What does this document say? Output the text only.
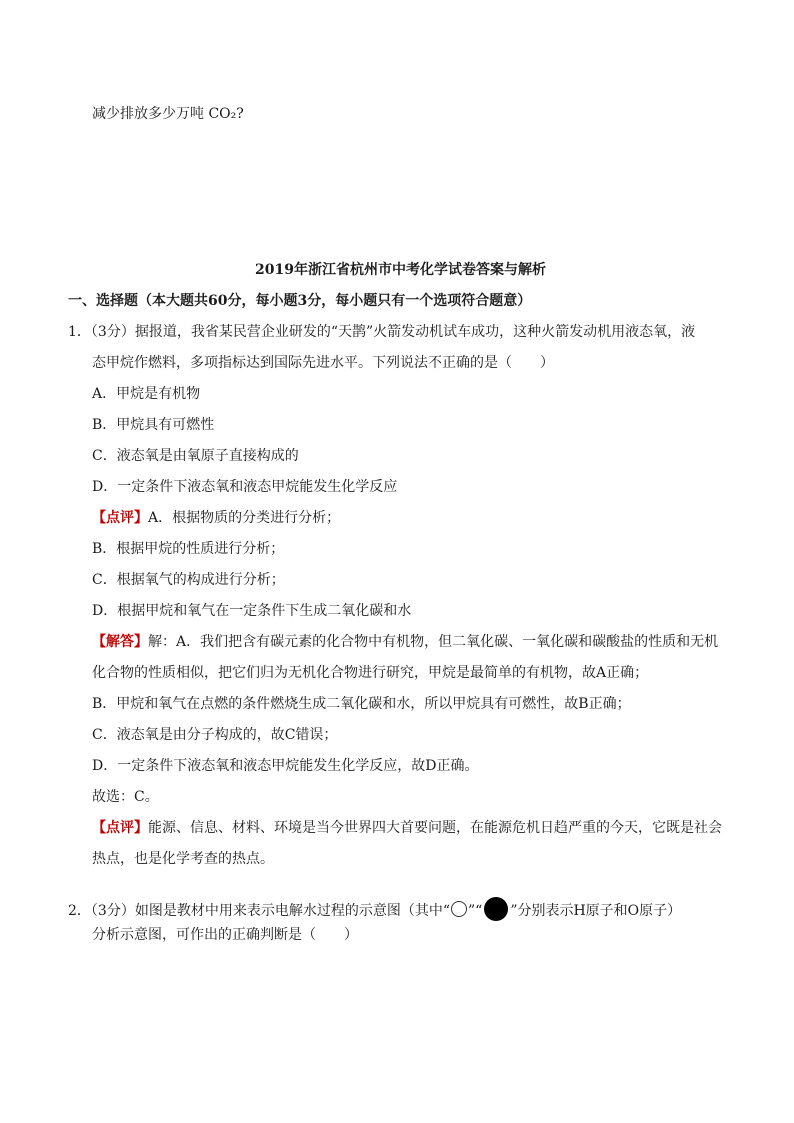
减少排放多少万吨 CO₂?
2019年浙江省杭州市中考化学试卷答案与解析
一、选择题（本大题共60分，每小题3分，每小题只有一个选项符合题意）
1．（3分）据报道，我省某民营企业研发的“天鹊”火箭发动机试车成功，这种火箭发动机用液态氧，液
态甲烷作燃料，多项指标达到国际先进水平。下列说法不正确的是（　　）
A．甲烷是有机物
B．甲烷具有可燃性
C．液态氧是由氧原子直接构成的
D．一定条件下液态氧和液态甲烷能发生化学反应
【点评】A．根据物质的分类进行分析；
B．根据甲烷的性质进行分析；
C．根据氧气的构成进行分析；
D．根据甲烷和氧气在一定条件下生成二氧化碳和水
【解答】解：A．我们把含有碳元素的化合物中有机物，但二氧化碳、一氧化碳和碳酸盐的性质和无机
化合物的性质相似，把它们归为无机化合物进行研究，甲烷是最简单的有机物，故A正确；
B．甲烷和氧气在点燃的条件燃烧生成二氧化碳和水，所以甲烷具有可燃性，故B正确；
C．液态氧是由分子构成的，故C错误；
D．一定条件下液态氧和液态甲烷能发生化学反应，故D正确。
故选：C。
【点评】能源、信息、材料、环境是当今世界四大首要问题，在能源危机日趋严重的今天，它既是社会
热点，也是化学考查的热点。
2．（3分）如图是教材中用来表示电解水过程的示意图（其中“ ”“ ”分别表示H原子和O原子）
分析示意图，可作出的正确判断是（　　）
